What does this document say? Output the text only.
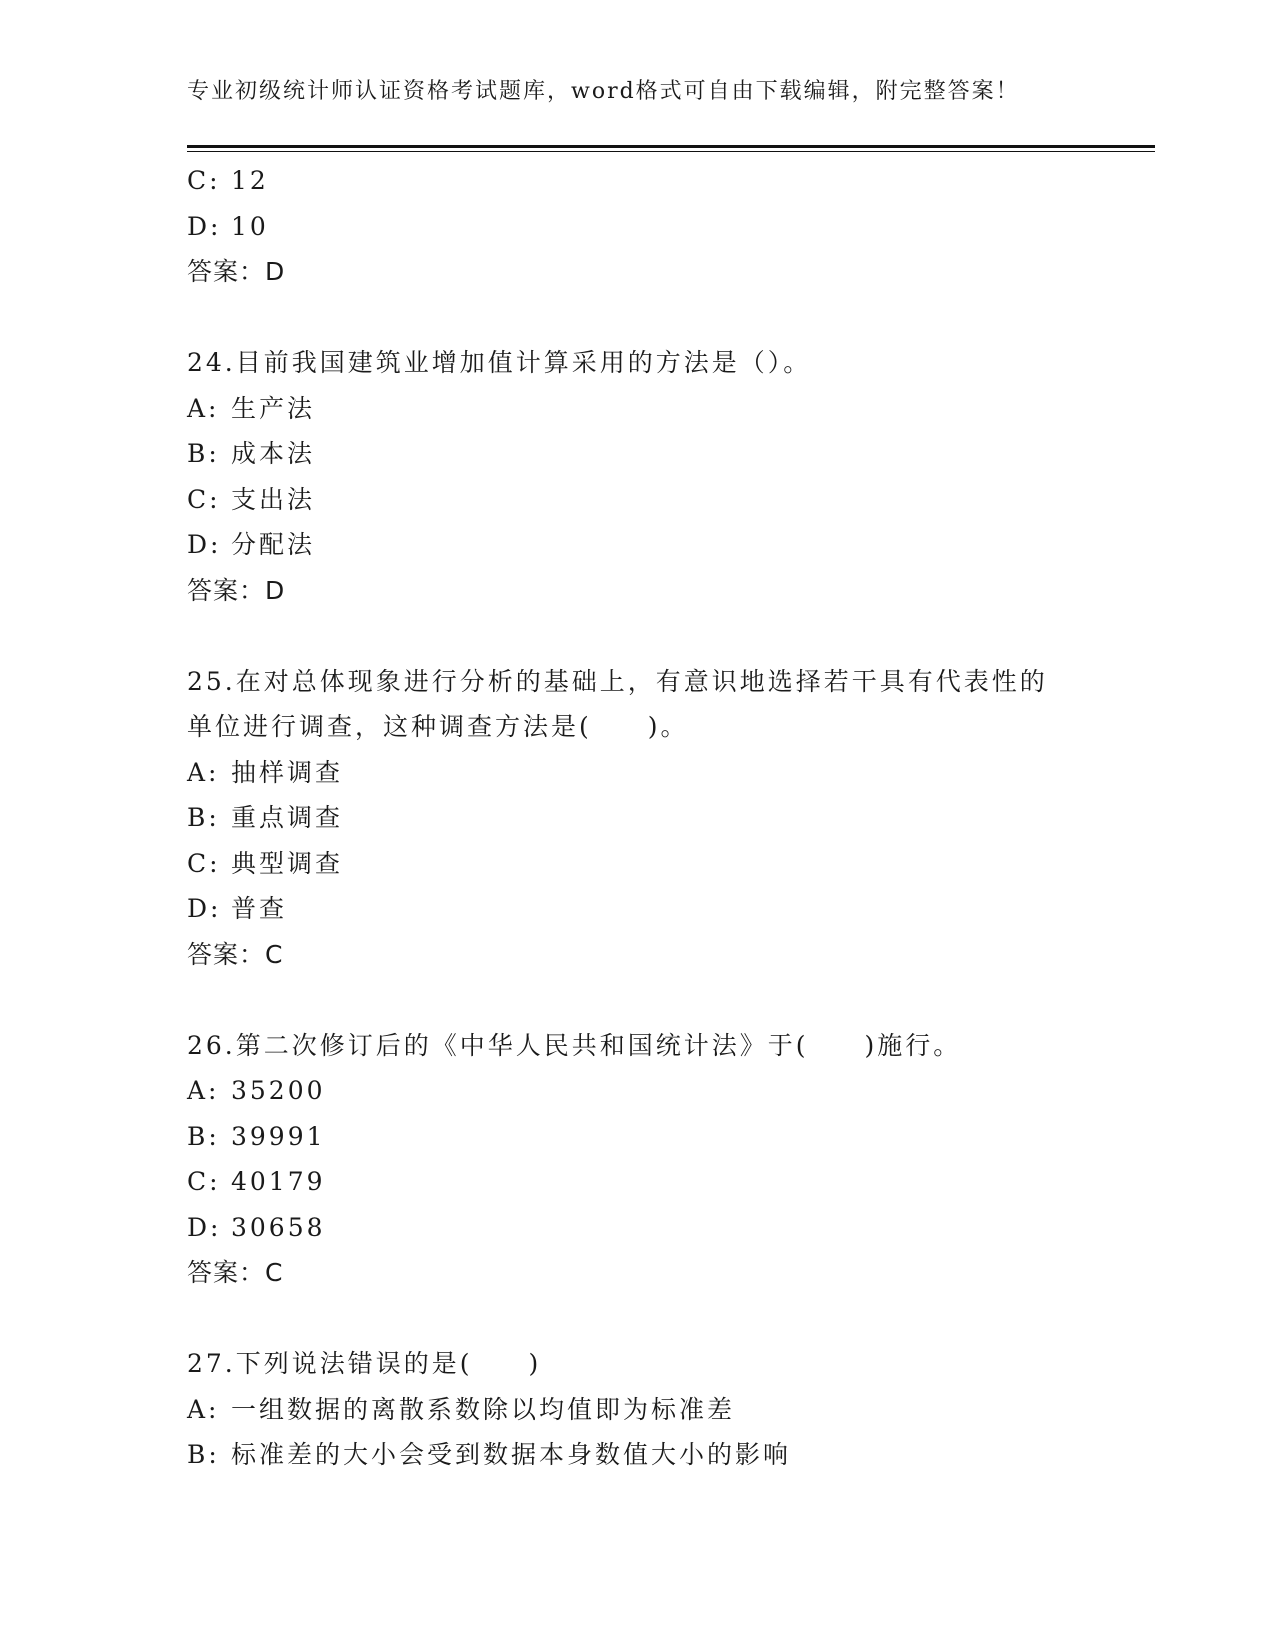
专业初级统计师认证资格考试题库，word格式可自由下载编辑，附完整答案！
C: 12
D: 10
答案：D
24.目前我国建筑业增加值计算采用的方法是（）。
A: 生产法
B: 成本法
C: 支出法
D: 分配法
答案：D
25.在对总体现象进行分析的基础上，有意识地选择若干具有代表性的
单位进行调查，这种调查方法是(　　)。
A: 抽样调查
B: 重点调查
C: 典型调查
D: 普查
答案：C
26.第二次修订后的《中华人民共和国统计法》于(　　)施行。
A: 35200
B: 39991
C: 40179
D: 30658
答案：C
27.下列说法错误的是(　　)
A: 一组数据的离散系数除以均值即为标准差
B: 标准差的大小会受到数据本身数值大小的影响
